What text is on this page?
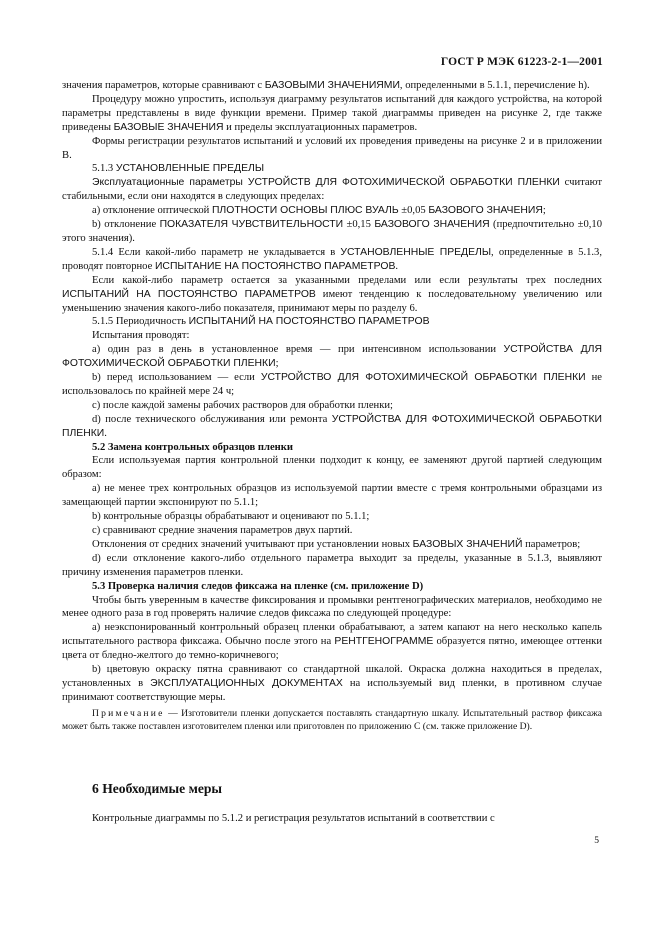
ГОСТ Р МЭК 61223-2-1—2001

значения параметров, которые сравнивают с БАЗОВЫМИ ЗНАЧЕНИЯМИ, определенными в 5.1.1, перечисление h).

Процедуру можно упростить, используя диаграмму результатов испытаний для каждого устройства, на которой параметры представлены в виде функции времени. Пример такой диаграммы приведен на рисунке 2, где также приведены БАЗОВЫЕ ЗНАЧЕНИЯ и пределы эксплуатационных параметров.

Формы регистрации результатов испытаний и условий их проведения приведены на рисунке 2 и в приложении В.

5.1.3 УСТАНОВЛЕННЫЕ ПРЕДЕЛЫ

Эксплуатационные параметры УСТРОЙСТВ ДЛЯ ФОТОХИМИЧЕСКОЙ ОБРАБОТКИ ПЛЕНКИ считают стабильными, если они находятся в следующих пределах:

a) отклонение оптической ПЛОТНОСТИ ОСНОВЫ ПЛЮС ВУАЛЬ ±0,05 БАЗОВОГО ЗНАЧЕНИЯ;

b) отклонение ПОКАЗАТЕЛЯ ЧУВСТВИТЕЛЬНОСТИ ±0,15 БАЗОВОГО ЗНАЧЕНИЯ (предпочтительно ±0,10 этого значения).

5.1.4 Если какой-либо параметр не укладывается в УСТАНОВЛЕННЫЕ ПРЕДЕЛЫ, определенные в 5.1.3, проводят повторное ИСПЫТАНИЕ НА ПОСТОЯНСТВО ПАРАМЕТРОВ.

Если какой-либо параметр остается за указанными пределами или если результаты трех последних ИСПЫТАНИЙ НА ПОСТОЯНСТВО ПАРАМЕТРОВ имеют тенденцию к последовательному увеличению или уменьшению значения какого-либо показателя, принимают меры по разделу 6.

5.1.5 Периодичность ИСПЫТАНИЙ НА ПОСТОЯНСТВО ПАРАМЕТРОВ

Испытания проводят:

a) один раз в день в установленное время — при интенсивном использовании УСТРОЙСТВА ДЛЯ ФОТОХИМИЧЕСКОЙ ОБРАБОТКИ ПЛЕНКИ;

b) перед использованием — если УСТРОЙСТВО ДЛЯ ФОТОХИМИЧЕСКОЙ ОБРАБОТКИ ПЛЕНКИ не использовалось по крайней мере 24 ч;

c) после каждой замены рабочих растворов для обработки пленки;

d) после технического обслуживания или ремонта УСТРОЙСТВА ДЛЯ ФОТОХИМИЧЕСКОЙ ОБРАБОТКИ ПЛЕНКИ.

5.2 Замена контрольных образцов пленки

Если используемая партия контрольной пленки подходит к концу, ее заменяют другой партией следующим образом:

a) не менее трех контрольных образцов из используемой партии вместе с тремя контрольными образцами из замещающей партии экспонируют по 5.1.1;

b) контрольные образцы обрабатывают и оценивают по 5.1.1;

c) сравнивают средние значения параметров двух партий.

Отклонения от средних значений учитывают при установлении новых БАЗОВЫХ ЗНАЧЕНИЙ параметров;

d) если отклонение какого-либо отдельного параметра выходит за пределы, указанные в 5.1.3, выявляют причину изменения параметров пленки.

5.3 Проверка наличия следов фиксажа на пленке (см. приложение D)

Чтобы быть уверенным в качестве фиксирования и промывки рентгенографических материалов, необходимо не менее одного раза в год проверять наличие следов фиксажа по следующей процедуре:

a) неэкспонированный контрольный образец пленки обрабатывают, а затем капают на него несколько капель испытательного раствора фиксажа. Обычно после этого на РЕНТГЕНОГРАММЕ образуется пятно, имеющее оттенки цвета от бледно-желтого до темно-коричневого;

b) цветовую окраску пятна сравнивают со стандартной шкалой. Окраска должна находиться в пределах, установленных в ЭКСПЛУАТАЦИОННЫХ ДОКУМЕНТАХ на используемый вид пленки, в противном случае принимают соответствующие меры.

Примечание — Изготовители пленки допускается поставлять стандартную шкалу. Испытательный раствор фиксажа может быть также поставлен изготовителем пленки или приготовлен по приложению С (см. также приложение D).

6 Необходимые меры

Контрольные диаграммы по 5.1.2 и регистрация результатов испытаний в соответствии с

5
